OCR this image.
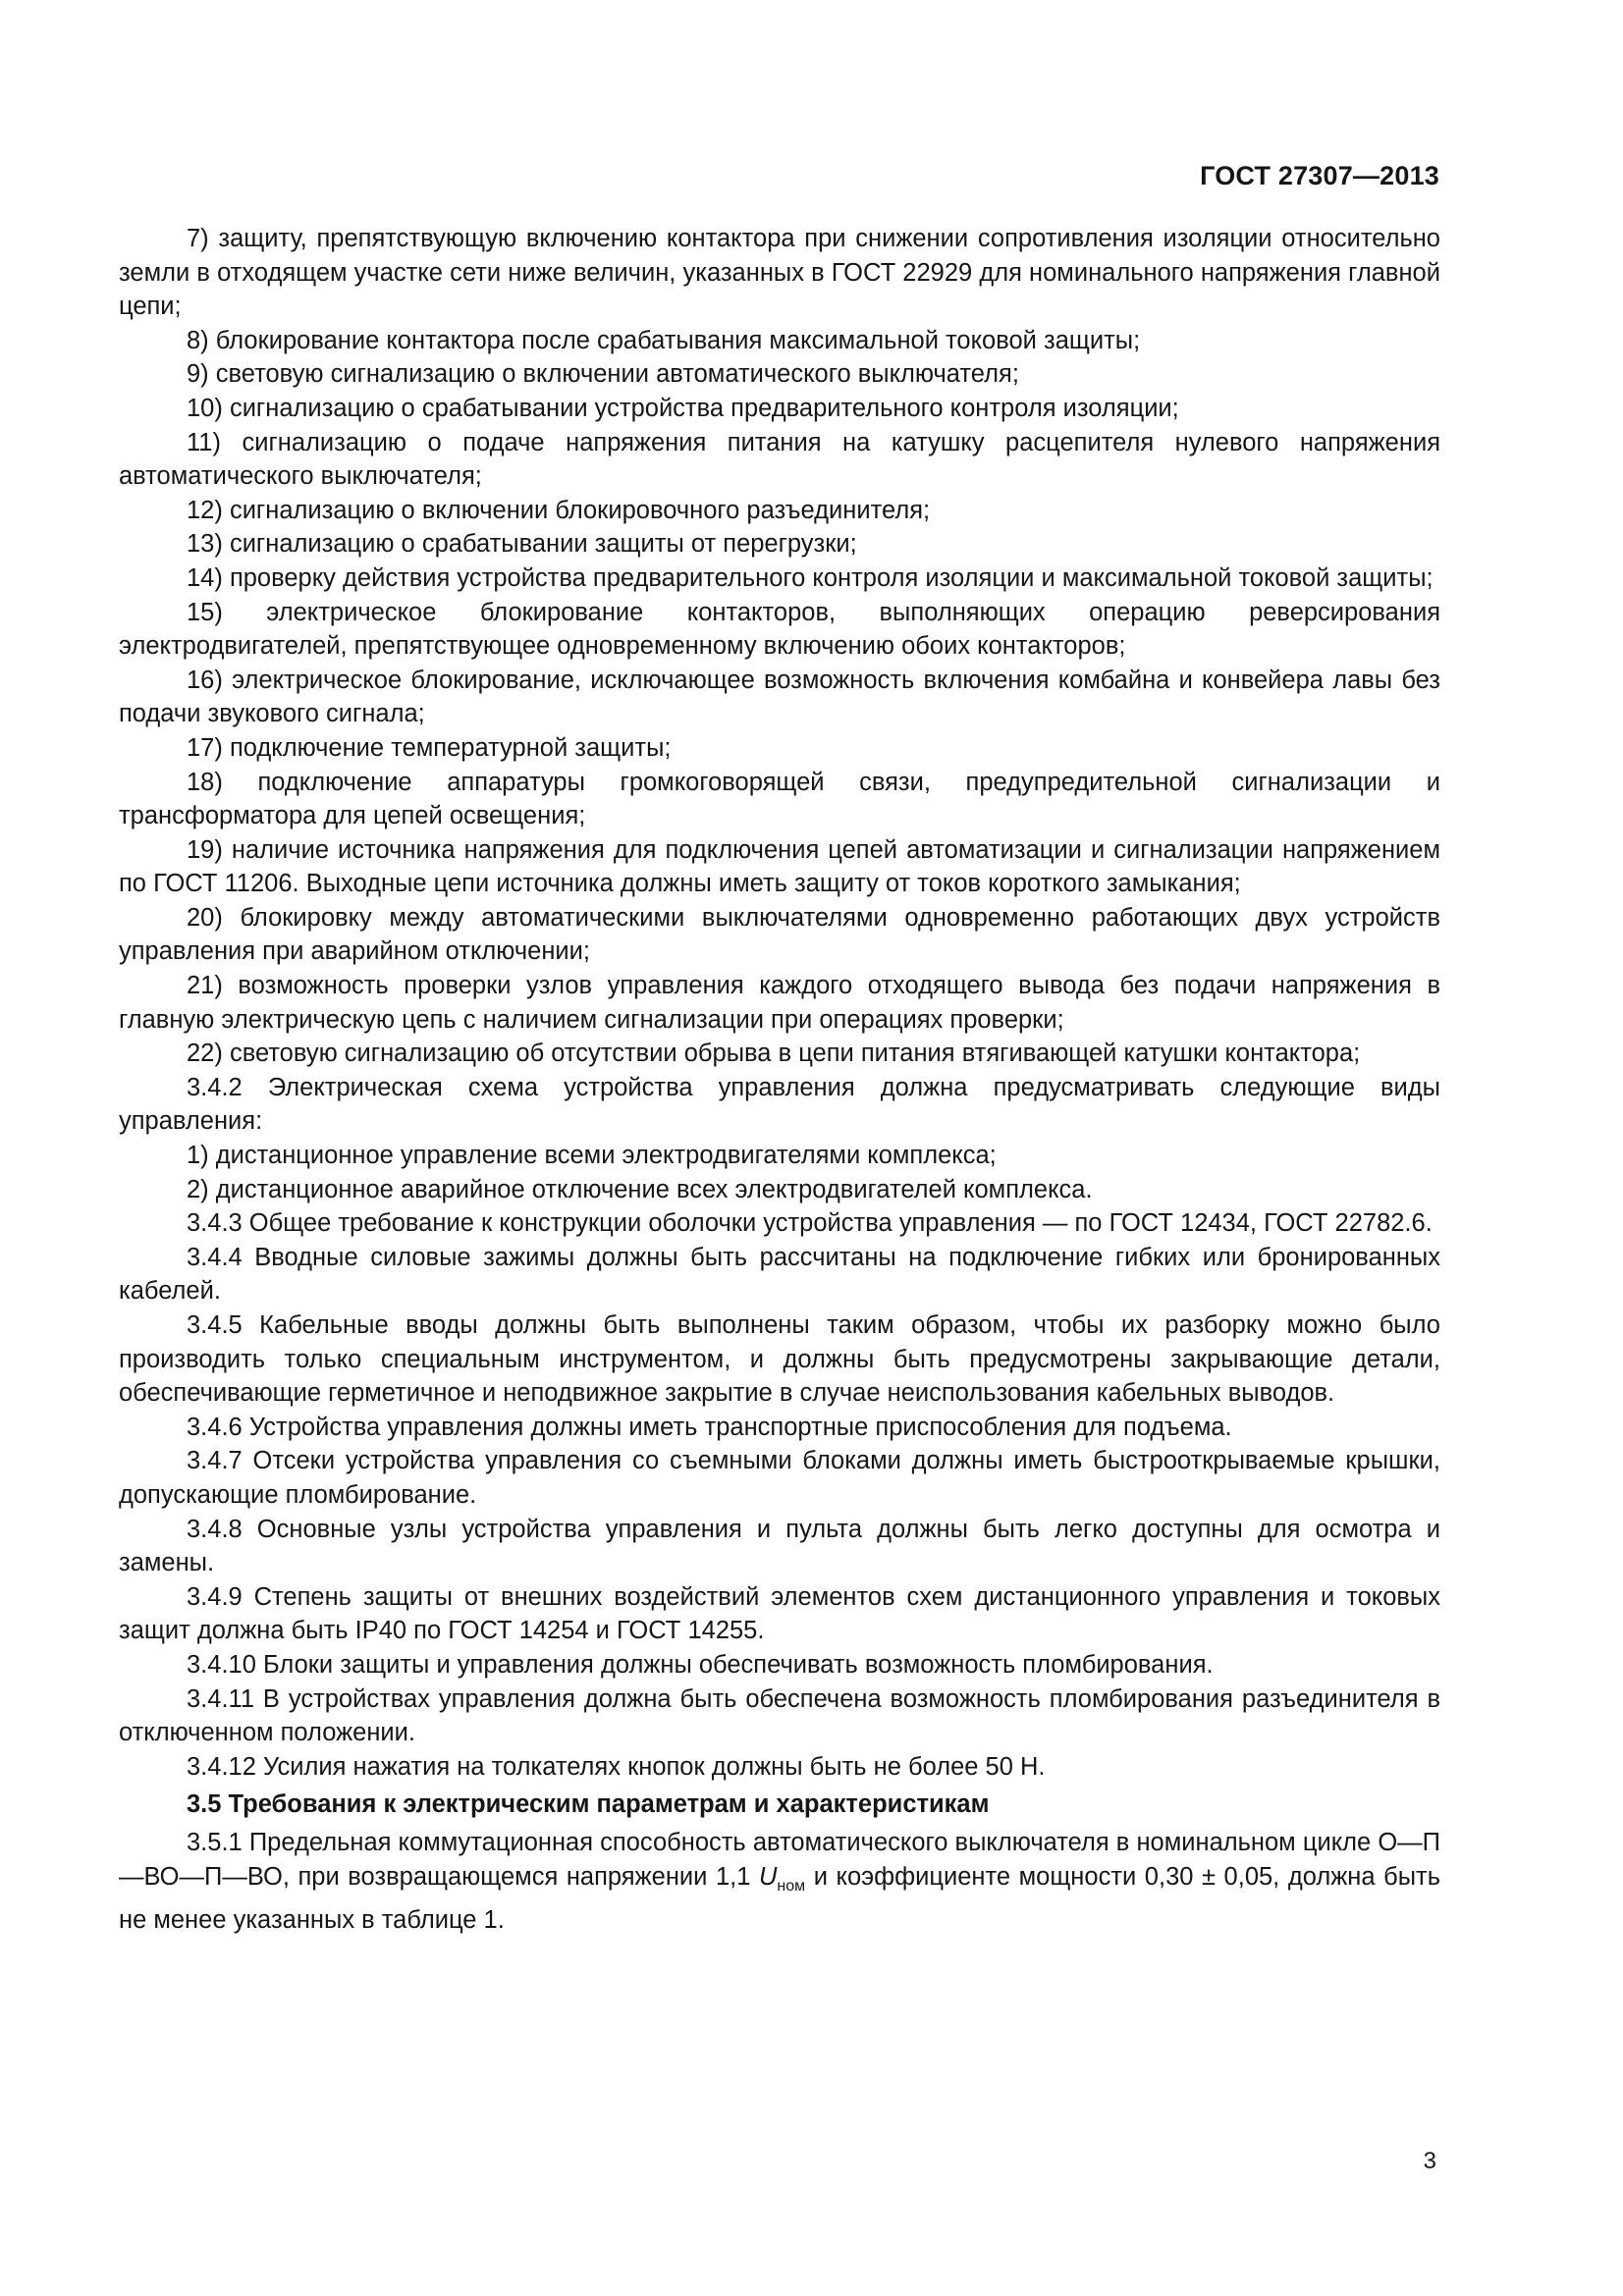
ГОСТ 27307—2013

7) защиту, препятствующую включению контактора при снижении сопротивления изоляции относительно земли в отходящем участке сети ниже величин, указанных в ГОСТ 22929 для номинального напряжения главной цепи;

8) блокирование контактора после срабатывания максимальной токовой защиты;

9) световую сигнализацию о включении автоматического выключателя;

10) сигнализацию о срабатывании устройства предварительного контроля изоляции;

11) сигнализацию о подаче напряжения питания на катушку расцепителя нулевого напряжения автоматического выключателя;

12) сигнализацию о включении блокировочного разъединителя;

13) сигнализацию о срабатывании защиты от перегрузки;

14) проверку действия устройства предварительного контроля изоляции и максимальной токовой защиты;

15) электрическое блокирование контакторов, выполняющих операцию реверсирования электродвигателей, препятствующее одновременному включению обоих контакторов;

16) электрическое блокирование, исключающее возможность включения комбайна и конвейера лавы без подачи звукового сигнала;

17) подключение температурной защиты;

18) подключение аппаратуры громкоговорящей связи, предупредительной сигнализации и трансформатора для цепей освещения;

19) наличие источника напряжения для подключения цепей автоматизации и сигнализации напряжением по ГОСТ 11206. Выходные цепи источника должны иметь защиту от токов короткого замыкания;

20) блокировку между автоматическими выключателями одновременно работающих двух устройств управления при аварийном отключении;

21) возможность проверки узлов управления каждого отходящего вывода без подачи напряжения в главную электрическую цепь с наличием сигнализации при операциях проверки;

22) световую сигнализацию об отсутствии обрыва в цепи питания втягивающей катушки контактора;

3.4.2 Электрическая схема устройства управления должна предусматривать следующие виды управления:

1) дистанционное управление всеми электродвигателями комплекса;

2) дистанционное аварийное отключение всех электродвигателей комплекса.

3.4.3 Общее требование к конструкции оболочки устройства управления — по ГОСТ 12434, ГОСТ 22782.6.

3.4.4 Вводные силовые зажимы должны быть рассчитаны на подключение гибких или бронированных кабелей.

3.4.5 Кабельные вводы должны быть выполнены таким образом, чтобы их разборку можно было производить только специальным инструментом, и должны быть предусмотрены закрывающие детали, обеспечивающие герметичное и неподвижное закрытие в случае неиспользования кабельных выводов.

3.4.6 Устройства управления должны иметь транспортные приспособления для подъема.

3.4.7 Отсеки устройства управления со съемными блоками должны иметь быстрооткрываемые крышки, допускающие пломбирование.

3.4.8 Основные узлы устройства управления и пульта должны быть легко доступны для осмотра и замены.

3.4.9 Степень защиты от внешних воздействий элементов схем дистанционного управления и токовых защит должна быть IP40 по ГОСТ 14254 и ГОСТ 14255.

3.4.10 Блоки защиты и управления должны обеспечивать возможность пломбирования.

3.4.11 В устройствах управления должна быть обеспечена возможность пломбирования разъединителя в отключенном положении.

3.4.12 Усилия нажатия на толкателях кнопок должны быть не более 50 Н.

3.5 Требования к электрическим параметрам и характеристикам

3.5.1 Предельная коммутационная способность автоматического выключателя в номинальном цикле О—П—ВО—П—ВО, при возвращающемся напряжении 1,1 $U_{ном}$ и коэффициенте мощности 0,30 ± 0,05, должна быть не менее указанных в таблице 1.

3
